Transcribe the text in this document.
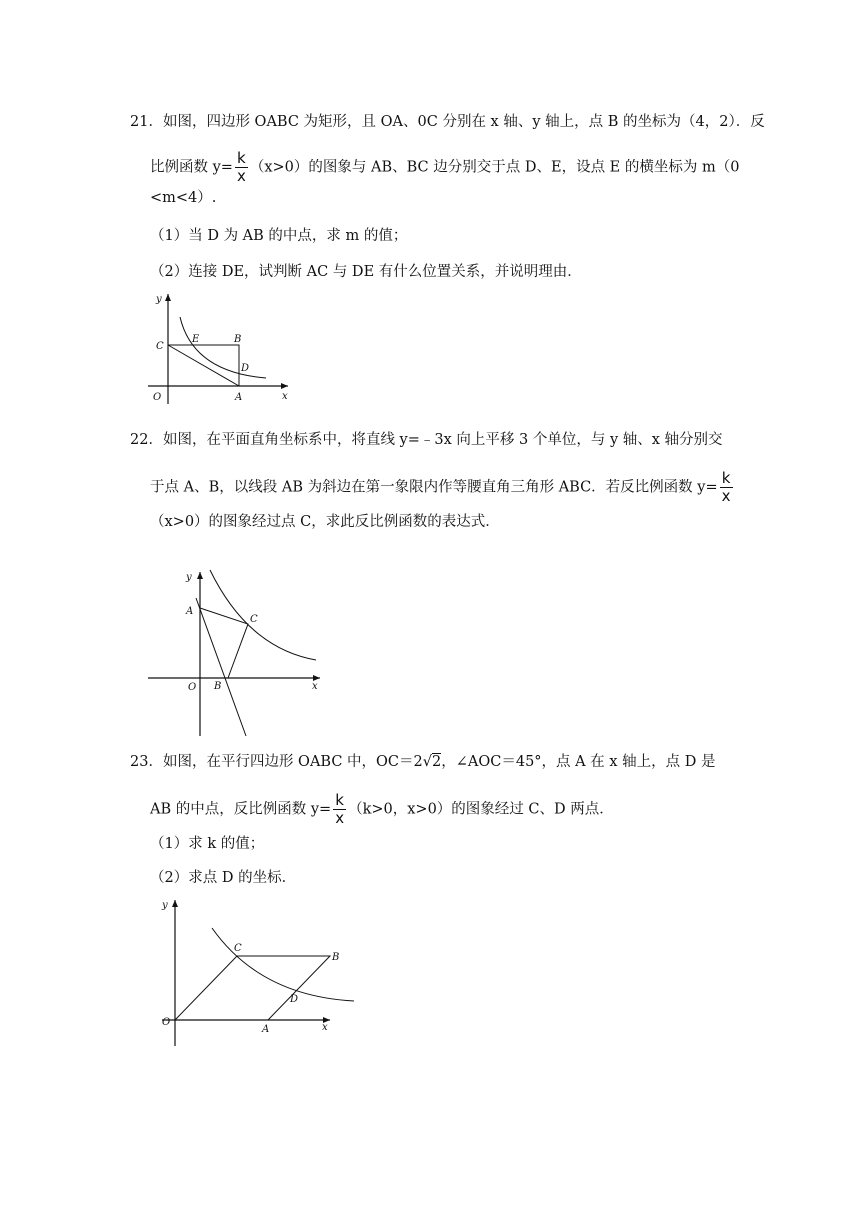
21．如图，四边形 OABC 为矩形，且 OA、0C 分别在 x 轴、y 轴上，点 B 的坐标为（4，2）．反
比例函数 $y= \frac{k}{x} (x>0)$的图象与 AB、BC 边分别交于点 D、E，设点 E 的横坐标为 m（0
<m<4）.
（1）当 D 为 AB 的中点，求 m 的值；
（2）连接 DE，试判断 AC 与 DE 有什么位置关系，并说明理由．
y
x
O
C
E	B
D
A
22．如图，在平面直角坐标系中，将直线 y=﹣3x 向上平移 3 个单位，与 y 轴、x 轴分别交
于点 A、B，以线段 AB 为斜边在第一象限内作等腰直角三角形 ABC．若反比例函数 $y= \frac{k}{x}$
（x>0）的图象经过点 C，求此反比例函数的表达式．
y
x
O
A
B
C
23．如图，在平行四边形 OABC 中，OC＝2√2，∠AOC＝45°，点 A 在 x 轴上，点 D 是
AB 的中点，反比例函数 $y= \frac{k}{x} (k>0$，x>0）的图象经过 C、D 两点．
（1）求 k 的值；
（2）求点 D 的坐标．
y
x
O
A
B
C
D
